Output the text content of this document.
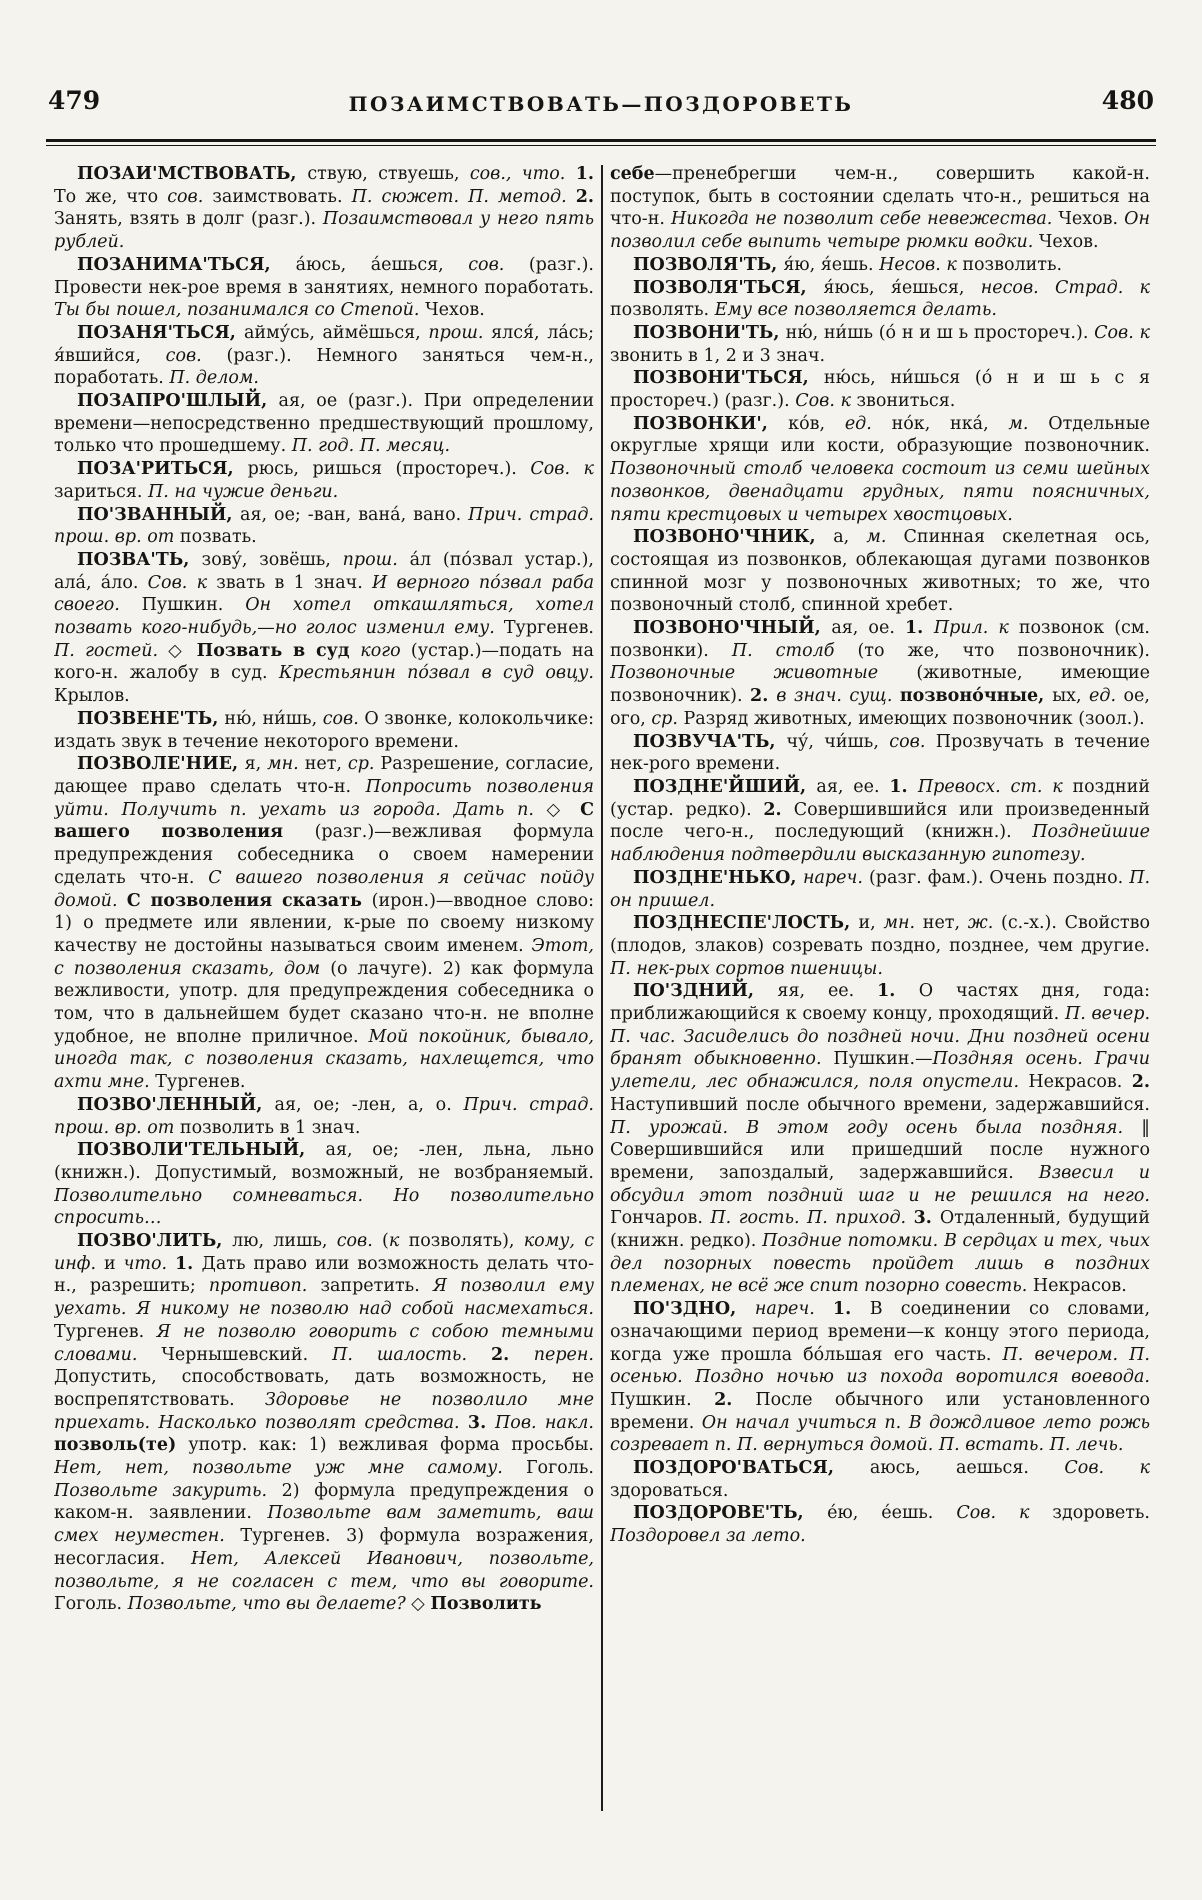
479	ПОЗАИМСТВОВАТЬ—ПОЗДОРОВЕТЬ	480

ПОЗАИ'МСТВОВАТЬ, ствую, ствуешь, сов., что. 1. То же, что сов. заимствовать. П. сюжет. П. метод. 2. Занять, взять в долг (разг.). Позаимствовал у него пять рублей.

ПОЗАНИМА'ТЬСЯ, а́юсь, а́ешься, сов. (разг.). Провести нек-рое время в занятиях, немного поработать. Ты бы пошел, позанимался со Степой. Чехов.

ПОЗАНЯ'ТЬСЯ, айму́сь, аймёшься, прош. ялся́, ла́сь; я́вшийся, сов. (разг.). Немного заняться чем-н., поработать. П. делом.

ПОЗАПРО'ШЛЫЙ, ая, ое (разг.). При определении времени—непосредственно предшествующий прошлому, только что прошедшему. П. год. П. месяц.

ПОЗА'РИТЬСЯ, рюсь, ришься (простореч.). Сов. к зариться. П. на чужие деньги.

ПО'ЗВАННЫЙ, ая, ое; -ван, вана́, вано. Прич. страд. прош. вр. от позвать.

ПОЗВА'ТЬ, зову́, зовёшь, прош. а́л (по́звал устар.), ала́, а́ло. Сов. к звать в 1 знач. И верного по́звал раба своего. Пушкин. Он хотел откашляться, хотел позвать кого-нибудь,—но голос изменил ему. Тургенев. П. гостей. ◇ Позвать в суд кого (устар.)—подать на кого-н. жалобу в суд. Крестьянин по́звал в суд овцу. Крылов.

ПОЗВЕНЕ'ТЬ, ню́, ни́шь, сов. О звонке, колокольчике: издать звук в течение некоторого времени.

ПОЗВОЛЕ'НИЕ, я, мн. нет, ср. Разрешение, согласие, дающее право сделать что-н. Попросить позволения уйти. Получить п. уехать из города. Дать п. ◇ С вашего позволения (разг.)—вежливая формула предупреждения собеседника о своем намерении сделать что-н. С вашего позволения я сейчас пойду домой. С позволения сказать (ирон.)—вводное слово: 1) о предмете или явлении, к-рые по своему низкому качеству не достойны называться своим именем. Этот, с позволения сказать, дом (о лачуге). 2) как формула вежливости, употр. для предупреждения собеседника о том, что в дальнейшем будет сказано что-н. не вполне удобное, не вполне приличное. Мой покойник, бывало, иногда так, с позволения сказать, нахлещется, что ахти мне. Тургенев.

ПОЗВО'ЛЕННЫЙ, ая, ое; -лен, а, о. Прич. страд. прош. вр. от позволить в 1 знач.

ПОЗВОЛИ'ТЕЛЬНЫЙ, ая, ое; -лен, льна, льно (книжн.). Допустимый, возможный, не возбраняемый. Позволительно сомневаться. Но позволительно спросить…

ПОЗВО'ЛИТЬ, лю, лишь, сов. (к позволять), кому, с инф. и что. 1. Дать право или возможность делать что-н., разрешить; противоп. запретить. Я позволил ему уехать. Я никому не позволю над собой насмехаться. Тургенев. Я не позволю говорить с собою темными словами. Чернышевский. П. шалость. 2. перен. Допустить, способствовать, дать возможность, не воспрепятствовать. Здоровье не позволило мне приехать. Насколько позволят средства. 3. Пов. накл. позволь(те) употр. как: 1) вежливая форма просьбы. Нет, нет, позвольте уж мне самому. Гоголь. Позвольте закурить. 2) формула предупреждения о каком-н. заявлении. Позвольте вам заметить, ваш смех неуместен. Тургенев. 3) формула возражения, несогласия. Нет, Алексей Иванович, позвольте, позвольте, я не согласен с тем, что вы говорите. Гоголь. Позвольте, что вы делаете? ◇ Позволить

себе—пренебрегши чем-н., совершить какой-н. поступок, быть в состоянии сделать что-н., решиться на что-н. Никогда не позволит себе невежества. Чехов. Он позволил себе выпить четыре рюмки водки. Чехов.

ПОЗВОЛЯ'ТЬ, я́ю, я́ешь. Несов. к позволить.

ПОЗВОЛЯ'ТЬСЯ, я́юсь, я́ешься, несов. Страд. к позволять. Ему все позволяется делать.

ПОЗВОНИ'ТЬ, ню́, ни́шь (о́ н и ш ь простореч.). Сов. к звонить в 1, 2 и 3 знач.

ПОЗВОНИ'ТЬСЯ, ню́сь, ни́шься (о́ н и ш ь с я простореч.) (разг.). Сов. к звониться.

ПОЗВОНКИ', ко́в, ед. но́к, нка́, м. Отдельные округлые хрящи или кости, образующие позвоночник. Позвоночный столб человека состоит из семи шейных позвонков, двенадцати грудных, пяти поясничных, пяти крестцовых и четырех хвостцовых.

ПОЗВОНО'ЧНИК, а, м. Спинная скелетная ось, состоящая из позвонков, облекающая дугами позвонков спинной мозг у позвоночных животных; то же, что позвоночный столб, спинной хребет.

ПОЗВОНО'ЧНЫЙ, ая, ое. 1. Прил. к позвонок (см. позвонки). П. столб (то же, что позвоночник). Позвоночные животные (животные, имеющие позвоночник). 2. в знач. сущ. позвоно́чные, ых, ед. ое, ого, ср. Разряд животных, имеющих позвоночник (зоол.).

ПОЗВУЧА'ТЬ, чу́, чи́шь, сов. Прозвучать в течение нек-рого времени.

ПОЗДНЕ'ЙШИЙ, ая, ее. 1. Превосх. ст. к поздний (устар. редко). 2. Совершившийся или произведенный после чего-н., последующий (книжн.). Позднейшие наблюдения подтвердили высказанную гипотезу.

ПОЗДНЕ'НЬКО, нареч. (разг. фам.). Очень поздно. П. он пришел.

ПОЗДНЕСПЕ'ЛОСТЬ, и, мн. нет, ж. (с.-х.). Свойство (плодов, злаков) созревать поздно, позднее, чем другие. П. нек-рых сортов пшеницы.

ПО'ЗДНИЙ, яя, ее. 1. О частях дня, года: приближающийся к своему концу, проходящий. П. вечер. П. час. Засиделись до поздней ночи. Дни поздней осени бранят обыкновенно. Пушкин.—Поздняя осень. Грачи улетели, лес обнажился, поля опустели. Некрасов. 2. Наступивший после обычного времени, задержавшийся. П. урожай. В этом году осень была поздняя. ‖ Совершившийся или пришедший после нужного времени, запоздалый, задержавшийся. Взвесил и обсудил этот поздний шаг и не решился на него. Гончаров. П. гость. П. приход. 3. Отдаленный, будущий (книжн. редко). Поздние потомки. В сердцах и тех, чьих дел позорных повесть пройдет лишь в поздних племенах, не всё же спит позорно совесть. Некрасов.

ПО'ЗДНО, нареч. 1. В соединении со словами, означающими период времени—к концу этого периода, когда уже прошла бо́льшая его часть. П. вечером. П. осенью. Поздно ночью из похода воротился воевода. Пушкин. 2. После обычного или установленного времени. Он начал учиться п. В дождливое лето рожь созревает п. П. вернуться домой. П. встать. П. лечь.

ПОЗДОРО'ВАТЬСЯ, аюсь, аешься. Сов. к здороваться.

ПОЗДОРОВЕ'ТЬ, е́ю, е́ешь. Сов. к здороветь. Поздоровел за лето.
